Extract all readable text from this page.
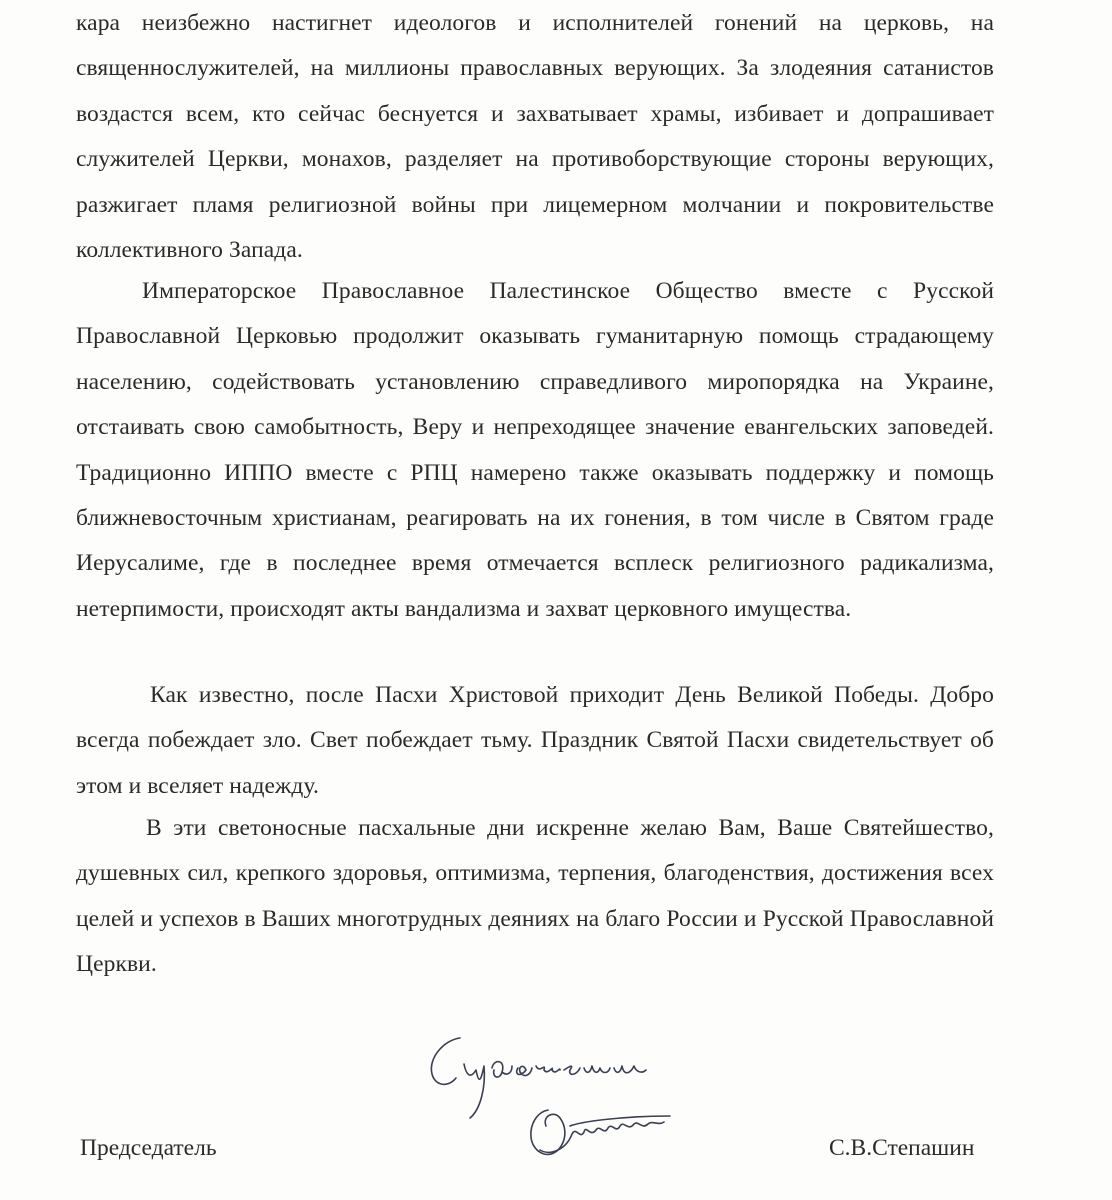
кара неизбежно настигнет идеологов и исполнителей гонений на церковь, на священнослужителей, на миллионы православных верующих. За злодеяния сатанистов воздастся всем, кто сейчас беснуется и захватывает храмы, избивает и допрашивает служителей Церкви, монахов, разделяет на противоборствующие стороны верующих, разжигает пламя религиозной войны при лицемерном молчании и покровительстве коллективного Запада.

Императорское Православное Палестинское Общество вместе с Русской Православной Церковью продолжит оказывать гуманитарную помощь страдающему населению, содействовать установлению справедливого миропорядка на Украине, отстаивать свою самобытность, Веру и непреходящее значение евангельских заповедей. Традиционно ИППО вместе с РПЦ намерено также оказывать поддержку и помощь ближневосточным христианам, реагировать на их гонения, в том числе в Святом граде Иерусалиме, где в последнее время отмечается всплеск религиозного радикализма, нетерпимости, происходят акты вандализма и захват церковного имущества.

Как известно, после Пасхи Христовой приходит День Великой Победы. Добро всегда побеждает зло. Свет побеждает тьму. Праздник Святой Пасхи свидетельствует об этом и вселяет надежду.

В эти светоносные пасхальные дни искренне желаю Вам, Ваше Святейшество, душевных сил, крепкого здоровья, оптимизма, терпения, благоденствия, достижения всех целей и успехов в Ваших многотрудных деяниях на благо России и Русской Православной Церкви.

Председатель	С.В.Степашин
